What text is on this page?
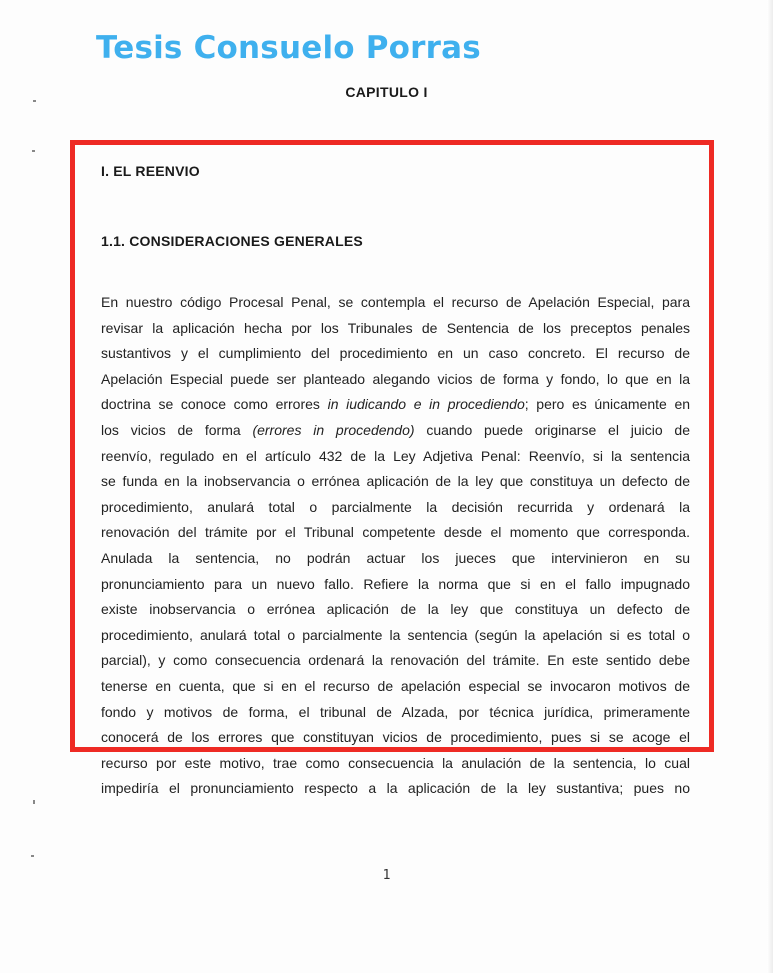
Tesis Consuelo Porras
CAPITULO I
I. EL REENVIO
1.1. CONSIDERACIONES GENERALES
En nuestro código Procesal Penal, se contempla el recurso de Apelación Especial, para
revisar la aplicación hecha por los Tribunales de Sentencia de los preceptos penales
sustantivos y el cumplimiento del procedimiento en un caso concreto. El recurso de
Apelación Especial puede ser planteado alegando vicios de forma y fondo, lo que en la
doctrina se conoce como errores in iudicando e in procediendo; pero es únicamente en
los vicios de forma (errores in procedendo) cuando puede originarse el juicio de
reenvío, regulado en el artículo 432 de la Ley Adjetiva Penal: Reenvío, si la sentencia
se funda en la inobservancia o errónea aplicación de la ley que constituya un defecto de
procedimiento, anulará total o parcialmente la decisión recurrida y ordenará la
renovación del trámite por el Tribunal competente desde el momento que corresponda.
Anulada la sentencia, no podrán actuar los jueces que intervinieron en su
pronunciamiento para un nuevo fallo. Refiere la norma que si en el fallo impugnado
existe inobservancia o errónea aplicación de la ley que constituya un defecto de
procedimiento, anulará total o parcialmente la sentencia (según la apelación si es total o
parcial), y como consecuencia ordenará la renovación del trámite. En este sentido debe
tenerse en cuenta, que si en el recurso de apelación especial se invocaron motivos de
fondo y motivos de forma, el tribunal de Alzada, por técnica jurídica, primeramente
conocerá de los errores que constituyan vicios de procedimiento, pues si se acoge el
recurso por este motivo, trae como consecuencia la anulación de la sentencia, lo cual
impediría el pronunciamiento respecto a la aplicación de la ley sustantiva; pues no
1
